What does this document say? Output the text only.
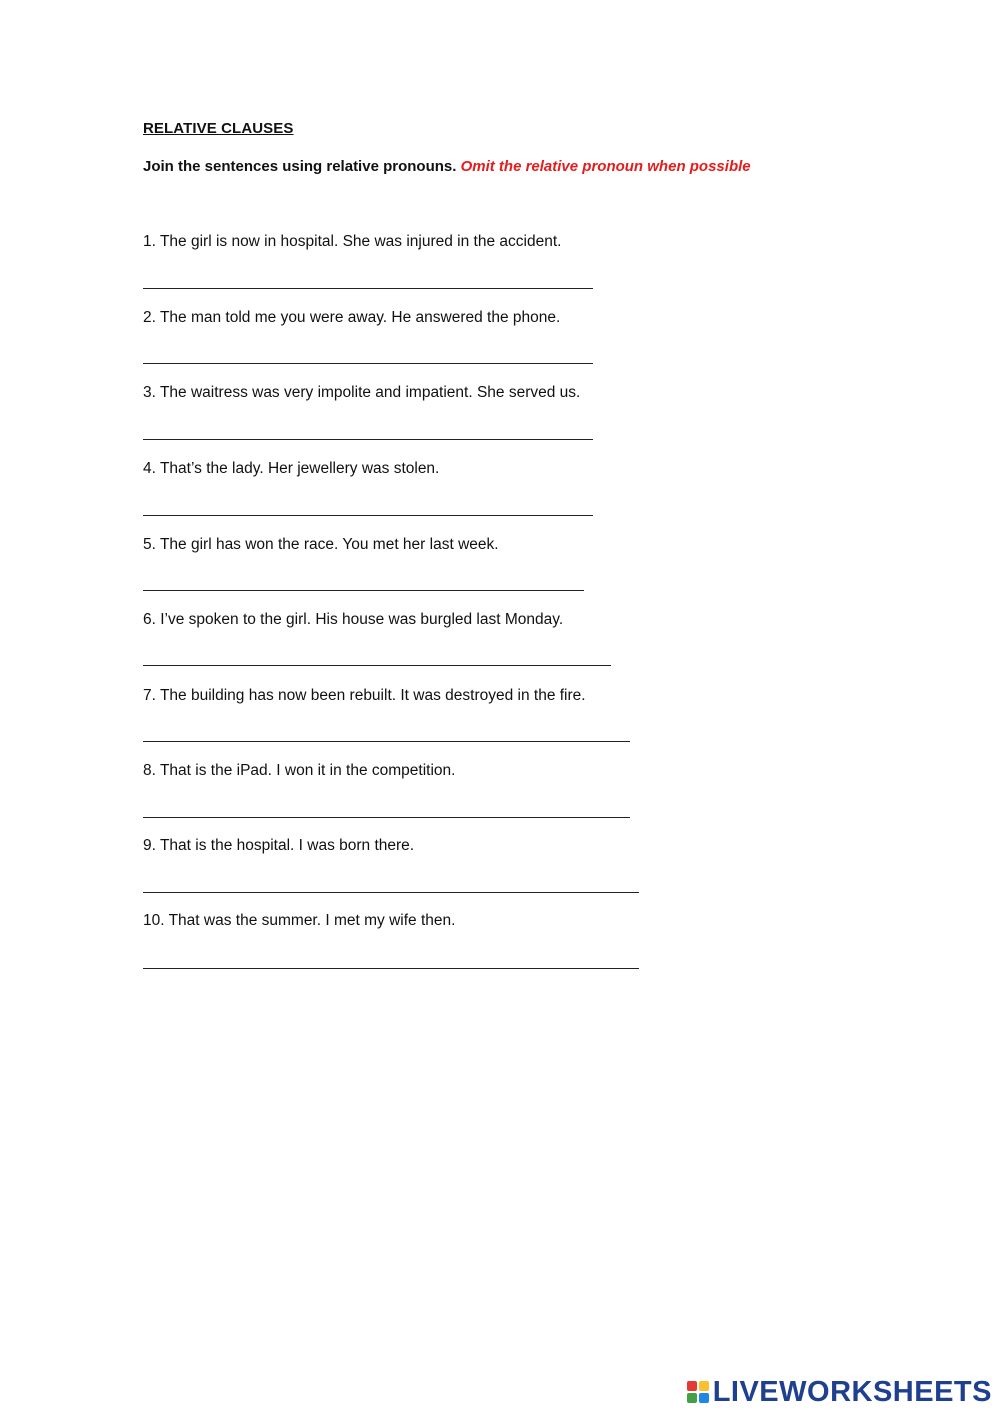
RELATIVE CLAUSES

Join the sentences using relative pronouns. Omit the relative pronoun when possible

1. The girl is now in hospital. She was injured in the accident.

2. The man told me you were away. He answered the phone.

3. The waitress was very impolite and impatient. She served us.

4. That’s the lady. Her jewellery was stolen.

5. The girl has won the race. You met her last week.

6. I’ve spoken to the girl. His house was burgled last Monday.

7. The building has now been rebuilt. It was destroyed in the fire.

8. That is the iPad. I won it in the competition.

9. That is the hospital. I was born there.

10. That was the summer. I met my wife then.

LIVEWORKSHEETS
